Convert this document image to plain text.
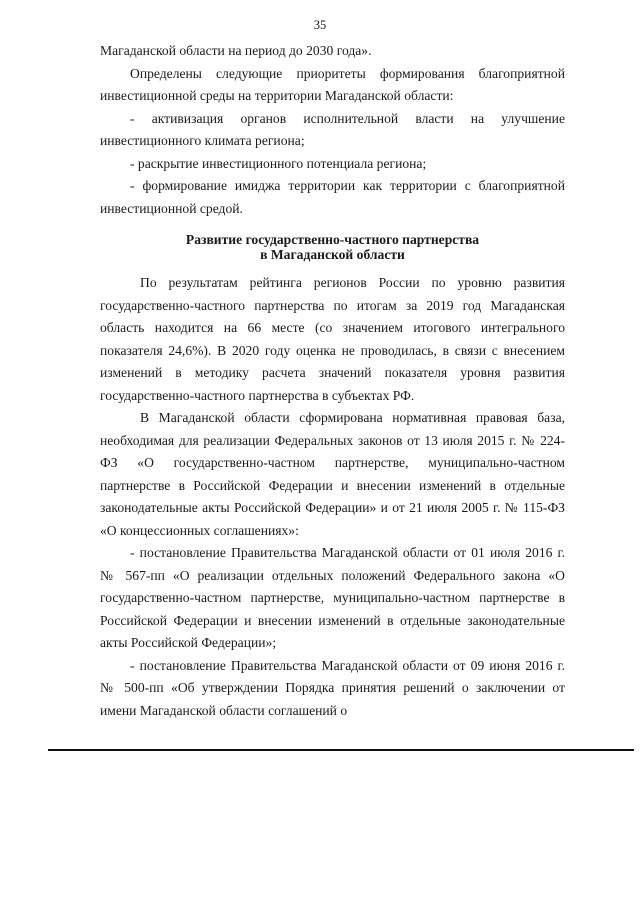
35

Магаданской области на период до 2030 года».

Определены следующие приоритеты формирования благоприятной инвестиционной среды на территории Магаданской области:

- активизация органов исполнительной власти на улучшение инвестиционного климата региона;

- раскрытие инвестиционного потенциала региона;

- формирование имиджа территории как территории с благоприятной инвестиционной средой.

Развитие государственно-частного партнерства
в Магаданской области

По результатам рейтинга регионов России по уровню развития государственно-частного партнерства по итогам за 2019 год Магаданская область находится на 66 месте (со значением итогового интегрального показателя 24,6%). В 2020 году оценка не проводилась, в связи с внесением изменений в методику расчета значений показателя уровня развития государственно-частного партнерства в субъектах РФ.

В Магаданской области сформирована нормативная правовая база, необходимая для реализации Федеральных законов от 13 июля 2015 г. № 224-ФЗ «О государственно-частном партнерстве, муниципально-частном партнерстве в Российской Федерации и внесении изменений в отдельные законодательные акты Российской Федерации» и от 21 июля 2005 г. № 115-ФЗ «О концессионных соглашениях»:

- постановление Правительства Магаданской области от 01 июля 2016 г. № 567-пп «О реализации отдельных положений Федерального закона «О государственно-частном партнерстве, муниципально-частном партнерстве в Российской Федерации и внесении изменений в отдельные законодательные акты Российской Федерации»;

- постановление Правительства Магаданской области от 09 июня 2016 г. № 500-пп «Об утверждении Порядка принятия решений о заключении от имени Магаданской области соглашений о
